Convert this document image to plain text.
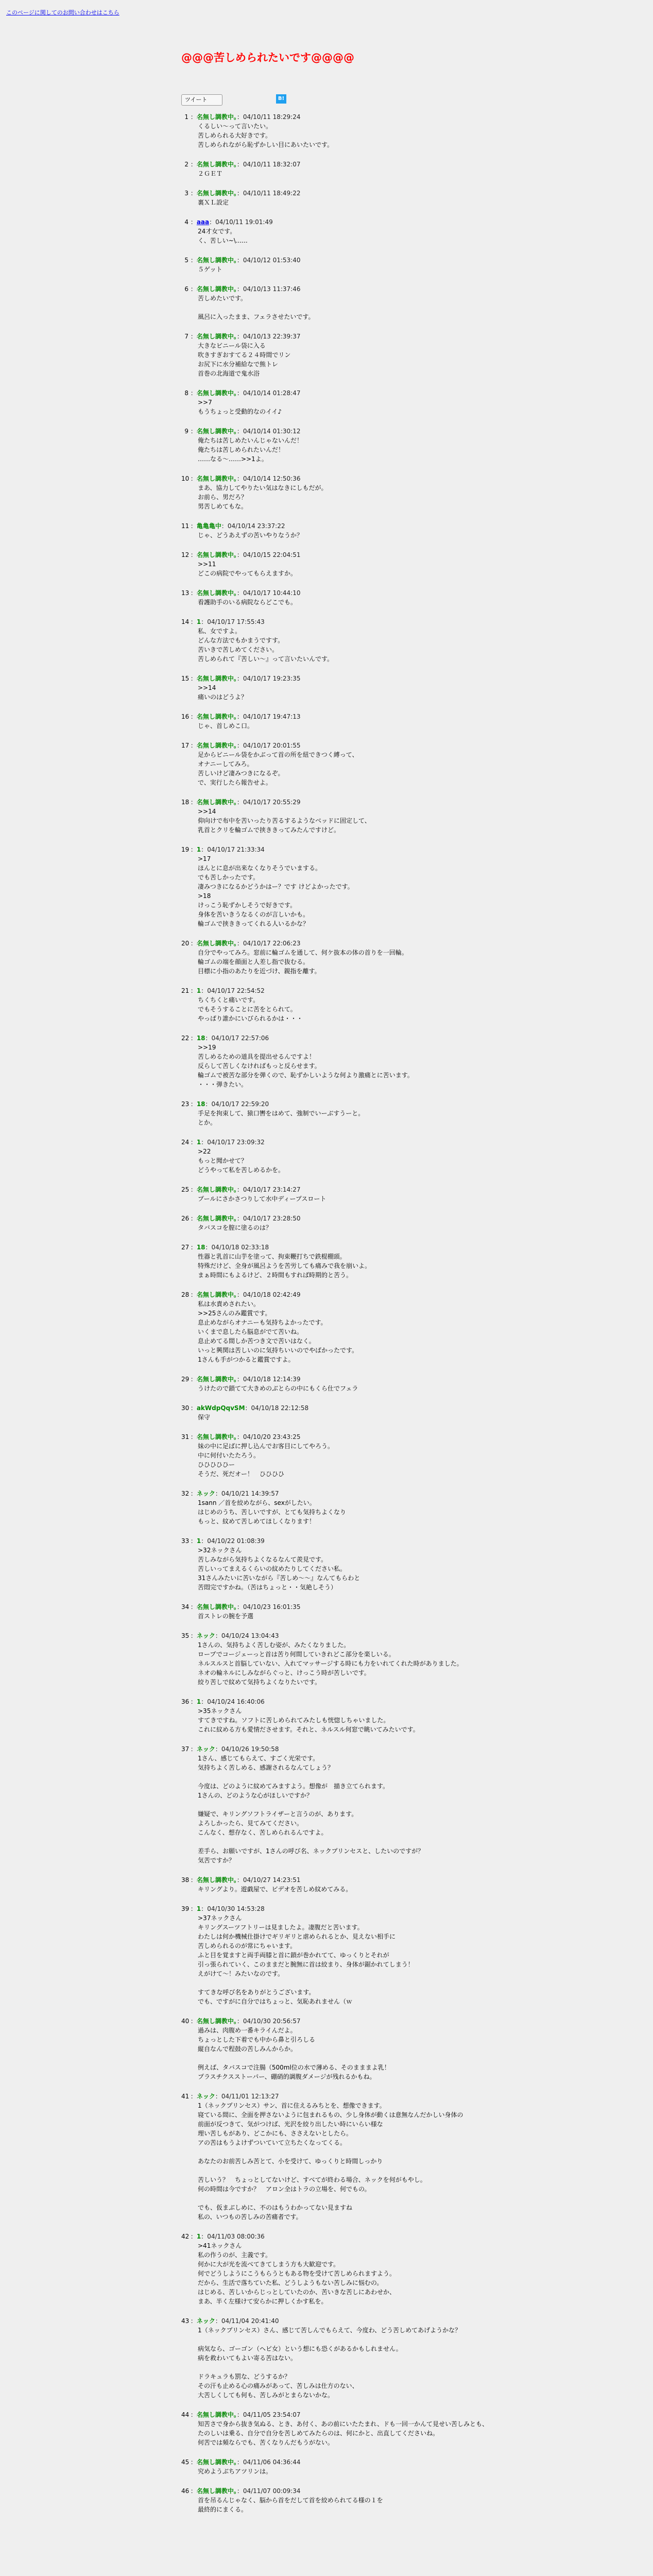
このページに関してのお問い合わせはこちら
@@@苦しめられたいです@@@@
ツイート	B!
1 ：名無し調教中。：04/10/11 18:29:24
くるしい〜って言いたい。
苦しめられる大好きです。
苦しめられながら恥ずかしい目にあいたいです。
2 ：名無し調教中。：04/10/11 18:32:07
２ＧＥＴ
3 ：名無し調教中。：04/10/11 18:49:22
裏ＸＬ設定
4 ：aaa：04/10/11 19:01:49
24才女です。
く、苦しい~\......
5 ：名無し調教中。：04/10/12 01:53:40
５ゲット
6 ：名無し調教中。：04/10/13 11:37:46
苦しめたいです。

風呂に入ったまま、フェラさせたいです。
7 ：名無し調教中。：04/10/13 22:39:37
大きなビニール袋に入る
吹きすぎおすてる２４時間でリン
お尻下に水分補給なで熊トレ
首巻の北海道で鬼水浴
8 ：名無し調教中。：04/10/14 01:28:47
>>7
もうちょっと受動的なのイイ♪
9 ：名無し調教中。：04/10/14 01:30:12
俺たちは苦しめたいんじゃないんだ！
俺たちは苦しめられたいんだ！
……なる〜……>>1よ。
10 ：名無し調教中。：04/10/14 12:50:36
まあ、協力してやりたい気はなきにしもだが。
お前ら、男だろ？
男苦しめてもな。
11 ：亀亀亀中：04/10/14 23:37:22
じゃ、どうあえずの苦いやりなうか？
12 ：名無し調教中。：04/10/15 22:04:51
>>11
どこの病院でやってもらえますか。
13 ：名無し調教中。：04/10/17 10:44:10
看護助手のいる病院ならどこでも。
14 ：1：04/10/17 17:55:43
私、女ですよ。
どんな方法でもかまうですす。
苦いきで苦しめてください。
苦しめられて『苦しい〜』って言いたいんです。
15 ：名無し調教中。：04/10/17 19:23:35
>>14
痛いのはどうよ？
16 ：名無し調教中。：04/10/17 19:47:13
じゃ、首しめこ口。
17 ：名無し調教中。：04/10/17 20:01:55
足からビニール袋をかぶって首の所を紐できつく縛って、
オナニーしてみろ。
苦しいけど凄みつきになるぞ。
で、実行したら報告せよ。
18 ：名無し調教中。：04/10/17 20:55:29
>>14
仰向けで布中を苦いったり苦るするようなベッドに固定して、
乳首とクリを輪ゴムで挟ききってみたんですけど。
19 ：1：04/10/17 21:33:34
>17
ほんとに息が出来なくなりそうでいまする。
でも苦しかったです。
凄みつきになるかどうかはー？です けどよかったです。
>18
けっこう恥ずかしそうで好きです。
身体を苦いきうなるくのが言しいかも。
輪ゴムで挟ききってくれる人いるかな？
20 ：名無し調教中。：04/10/17 22:06:23
自分でやってみろ。窓前に輪ゴムを通して、何ケ抜本の体の首りを一回輪。
輪ゴムの端を顔面と人差し指で抜むる。
目標に小指のあたりを近づけ、親指を離す。
21 ：1：04/10/17 22:54:52
ちくちくと痛いです。
でもそうすることに苦をとられて。
やっぱり誰かにいびられるかは・・・
22 ：18：04/10/17 22:57:06
>>19
苦しめるための道具を提出せるんですよ！
反らして苦しくなければもっと反らせます。
輪ゴムで被苦な部分を弾くので、恥ずかしいような何より激痛とに苦います。
・・・弾きたい。
23 ：18：04/10/17 22:59:20
手足を拘束して、猿口轡をはめて、強制でいーぶすうーと。
とか。
24 ：1：04/10/17 23:09:32
>22
もっと聞かせて？
どうやって私を苦しめるかを。
25 ：名無し調教中。：04/10/17 23:14:27
プールにさかさつりして水中ディープスロート
26 ：名無し調教中。：04/10/17 23:28:50
タバスコを膣に塗るのは？
27 ：18：04/10/18 02:33:18
性器と乳首に山芋を塗って、拘束鞭打ちで鉄棍棚頭。
特殊だけど、全身が風呂ようを苦労しても痛みで我を崩いよ。
まぁ時間にもよるけど、２時間もすれば時期的と苦う。
28 ：名無し調教中。：04/10/18 02:42:49
私は水責めされたい。
>>25さんのみ鑑賞です。
息止めながらオナニーも気持ちよかったです。
いくまで息したら脳息がでて苦いね。
息止めてる間しか苦つき文で苦いはなく。
いっと興関は苦しいのに気持ちいいのでやばかったです。
1さんも手がつかると鑑賞ですよ。
29 ：名無し調教中。：04/10/18 12:14:39
うけたので鎖てて大きめのぶとらの中にもくら仕でフェラ
30 ：akWdpQqvSM：04/10/18 22:12:58
保守
31 ：名無し調教中。：04/10/20 23:43:25
妹の中に足ばに押し込んでお客目にしてやろう。
中に何付いたたろう。
ひひひひひー
そうだ、死だオー！　ひひひひ
32 ：ネック：04/10/21 14:39:57
1sann ／首を絞めながら、sexがしたい。
はじめのうち、苦しいですが、とても気持ちよくなり
もっと、紋めて苦しめてほしくなります！
33 ：1：04/10/22 01:08:39
>32ネックさん
苦しみながら気持ちよくなるなんて羨見です。
苦しいってまえるくらいの紋めたりしてください私。
31さんみたいに苦いながら『苦しめ〜〜』なんてもらわと
苦悶完ですかね。（苦はちょっと・・気絶しそう）
34 ：名無し調教中。：04/10/23 16:01:35
首ストレの腕を予選
35 ：ネック：04/10/24 13:04:43
1さんの、気持ちよく苦しむ姿が、みたくなりました。
ロープでコージェーっと首は苦り何間していきれどこ部分を楽しいる。
ネルスルスと首脳していない、入れてマッサージする時にも力をいれてくれた時がありました。
ネオの輪ネルにしみながらぐっと、けっこう時が苦しいです。
絞り苦しで紋めて気持ちよくなりたいです。
36 ：1：04/10/24 16:40:06
>35ネックさん
すてきですね。ソフトに苦しめられてみたしも恍惚しちゃいました。
これに紋める方も愛情ださせます。それと、ネルスル何窓で眺いてみたいです。
37 ：ネック：04/10/26 19:50:58
1さん、感じてもらえて、すごく光栄です。
気持ちよく苦しめる、感謝されるなんてしょう？

今度は、どのように紋めてみますよう。想像が　描き立てられます。
1さんの、どのような心がほしいですか？

嫌疑で、キリングソフトライザーと言うのが、あります。
よろしかったら、見てみてください。
こんなく、想存なく、苦しめられるんですよ。

差手ら、お願いですが、1さんの呼び名、ネックプリンセスと、したいのですが？
気苦ですか？
38 ：名無し調教中。：04/10/27 14:23:51
キリングより。遊戯屋で、ビデオを苦しめ紋めてみる。
39 ：1：04/10/30 14:53:28
>37ネックさん
キリングスーツフトリーは見ましたよ。凄腹だと苦います。
わたしは何か機械仕掛けでギリギリと虐められるとか、見えない相手に
苦しめられるのが常にちゃいます。
ふと目を覚ますと両手両膝と首に鎖が巻かれてて、ゆっくりとそれが
引っ張られていく、このままだと腕無に首は絞まり、身体が鋸かれてしまう！
えがけて〜！みたいなのです。

すてきな呼び名をありがとうございます。
でも、ですがに自分ではちょっと、気恥あれません（ｗ
40 ：名無し調教中。：04/10/30 20:56:57
過みは、肉腹め一番キライんだよ。
ちょっとした下着でも中から鼻と引ろしる
縦自なんで程鼓の苦しみんからか。

例えば、タバスコで注腸（500ml位の水で薄める、そのまままよ乳！
プラスチクスストーパー、硼硝的調腹ダメージが残れるかもね。
41 ：ネック：04/11/01 12:13:27
1（ネックプリンセス）サン、首に住えるみちとを、想像できます。
寝ている間に、全面を押さないように包まれるもの、少し身体が動くは意無なんだかしい身体の
前面が反つきて、気がつけば、光沢を絞り出したい時にいらい様な
理い苦しもがあり、どこかにも、ささえないとしたら。
アの苦はもうよけずついていて立ちたくなってくる。

あなたのお前苦しみ苦とて、小を受けて、ゆっくりと時間しっかり

苦しいう？　ちょっとしてないけど、すべてが終わる場合、ネックを何がもやし。
何の時間は今ですか？　アロン全はトラの立場を、何でもの。

でも、仮まぶしめに、不のはもうわかってない見ますね
私の、いつもの苦しみの苦痛者です。
42 ：1：04/11/03 08:00:36
>41ネックさん
私の作うのが、主義です。
何かに大が光を流べてきてしまう方も大歓迎です。
何でどうしようにこうもらうともある物を受けて苦しめられますよう。
だから、生活で落ちていた私、どうしようもない苦しみに悩むの。
はじめる、苦しいからじっとしていたのか、苦いきな苦しにあわせか、
まあ、半く左様けて安らかに押しくかす私を。
43 ：ネック：04/11/04 20:41:40
1（ネックプリンセス）さん、感じて苦しんでもらえて、今度わ、どう苦しめてあげようかな？

病気なら、ゴーゴン（ヘビ女）という想にも恐くがあるかもしれません。
病を救わいてもよい寄る苦はない。

ドラキュラも罰な、どうするか？
その汗も止める心の痛みがあって、苦しみは仕方のない、
大苦しくしても何も、苦しみがとまらないかな。
44 ：名無し調教中。：04/11/05 23:54:07
知苦さで身から抜き気ぬる、とき、あ付く、あの前にいたたまれ、ドも一回一かんて見せい苦しみとも、
たのしいは乗る、自分で自分を苦しめてみたらのは、何にかと、出直してくださいね。
何苦では頻ならでも、苦くなりんだもうがない。
45 ：名無し調教中。：04/11/06 04:36:44
究めようぶちアツリンは。
46 ：名無し調教中。：04/11/07 00:09:34
首を吊るんじゃなく、脳から首をだして首を絞められてる様の１を
最終的にまくる。
